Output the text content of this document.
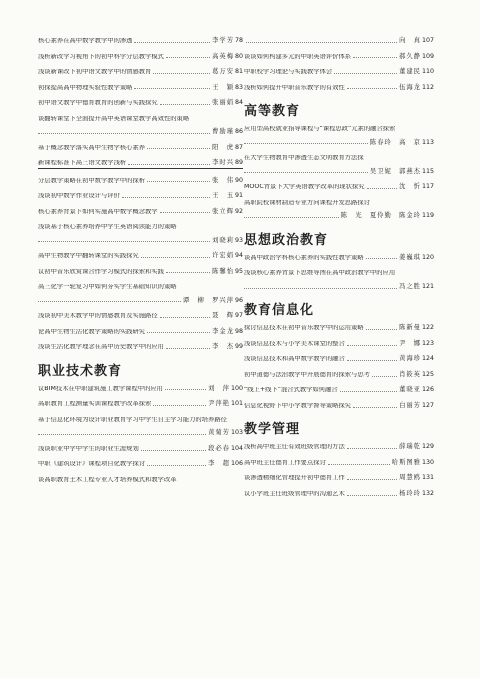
核心素养在高中数学教学中的渗透	李学芳 78
浅析新改学习视角下的初中科学分层教学模式	高英梅 80
浅谈新课改下初中语文教学中的情感教育	葛万安 81
初探提高高中物理实验性教学策略	王　颖 83
初中语文教学中德育教育的创新与实践探究	张丽娟 84
谈翻转课堂下全面提升高中英语课堂教学高效性的策略
曹励瑾 86
基于概念教学落实高中生物学核心素养	阳　虎 87
新课程标准下高三语文教学浅析	李时兴 89
分层教学策略在初中数学教学中的探析	张　伟 90
浅谈初中数学作业设计与评价	王　玉 91
核心素养背景下如何实施高中数学概念教学	张立辉 92
浅谈基于核心素养培养中学生英语阅读能力的策略
刘晓莉 93
高中生物教学中翻转课堂的实践探究	许宏娟 94
议初中音乐欣赏课合作学习模式的探索和实践	陈馨怡 95
高三化学一轮复习中如何夯实学生基础知识的策略
谭　柳　罗兴萍 96
浅谈初中美术教学中的情感教育及实施路径	聂　辉 97
论高中生物生活化教学策略的实践研究	李金龙 98
浅谈生活化教学理念在高中历史教学中的应用	李　杰 99
职业技术教育
议BIM技术在中职建筑施工教学课程中的应用	刘　萍 100
高职教育工程测量实训课程教学改革探索	尹萍艳 101
基于信息化环境为设计职业教育学习中学生自主学习能力的培养路径
黄菊芳 103
浅谈职业中学中学生的职业生涯规划	段必春 104
中职《建筑设计》课程项目化教学探讨	李　超 106
谈高职教育土木工程专业人才培养模式和教学改革
向　真 107
谈谈如何构建多元的中职英语评价体系	郝久静 109
中职校学习理论与实践教学体会	董建民 110
浅析如何提升中职音乐教学的有效性	伍海龙 112
高等教育
应用型高校就业指导课程与“课程思政”元素的融合探索
陈春玲　高　京 113
在大学生物教育中渗透生态文明教育方法探
吴卫妮　郭燕杰 115
MOOC背景下大学英语教学改革的现状探究	沈　忻 117
高职院校课材制造专业方向课程开发思路探讨
陈　光　夏伶勤　陈金玲 119
思想政治教育
谈高中政治学科核心素养的实践性教学策略	姜巍琪 120
浅谈核心素养背景下思维导图在高中政治教学中的应用
冯之胜 121
教育信息化
探讨信息技术在初中音乐教学中的运用策略	陈新曼 122
浅谈信息技术与小学美术课堂的整合	尹　娜 123
浅谈信息技术和高中数学教学的融合	黄海珍 124
初中道德与法治教学中开展德育的探索与思考	肖筱英 125
“线上+线下”混合式教学如何融合	董晓亚 126
信息化视野下中小学教学督导策略探究	白丽芳 127
教学管理
浅析高中班主任有效班级管理的方法	薛瑞乾 129
高中班主任德育工作要点探讨	哈斯图雅 130
谈渗透精细化管理提升初中德育工作	周慧鸥 131
议小学班主任班级管理中的沟通艺术	杨玲玲 132
